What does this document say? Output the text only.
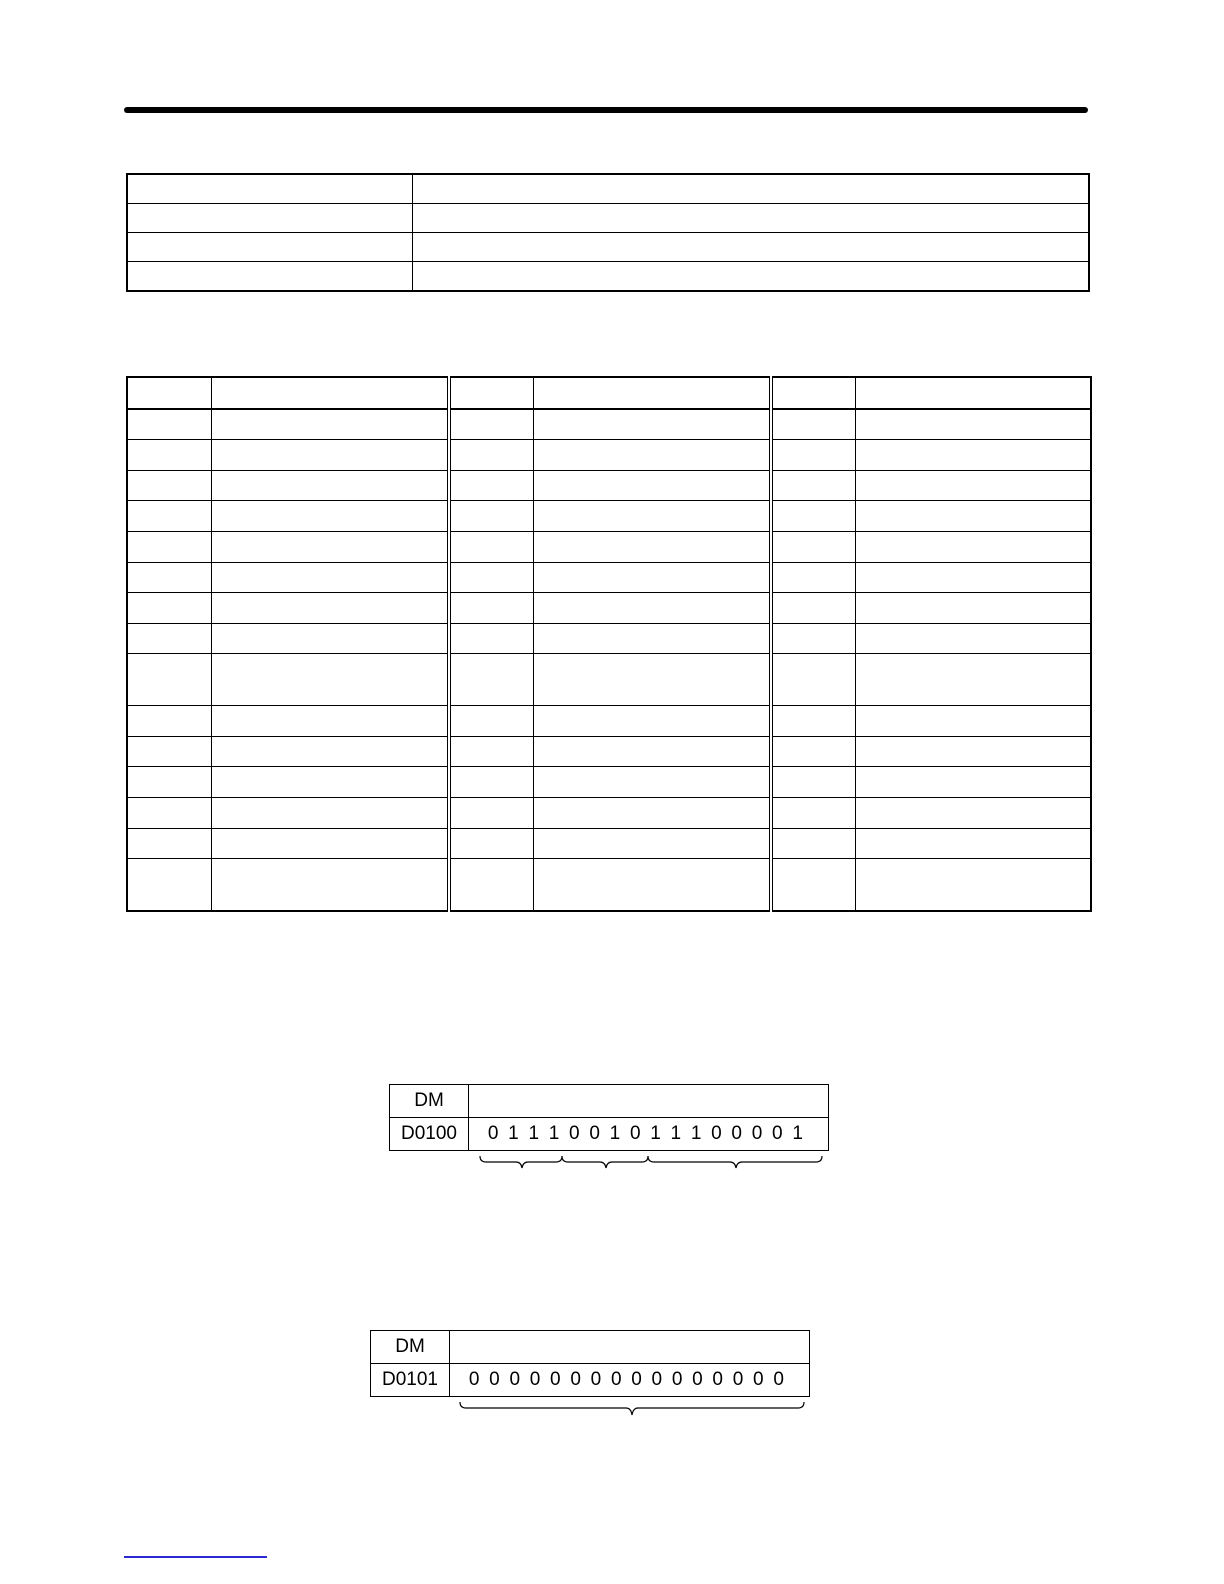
DM	
D0100	0 1 1 1 0 0 1 0 1 1 1 0 0 0 0 1
DM	
D0101	0 0 0 0 0 0 0 0 0 0 0 0 0 0 0 0
